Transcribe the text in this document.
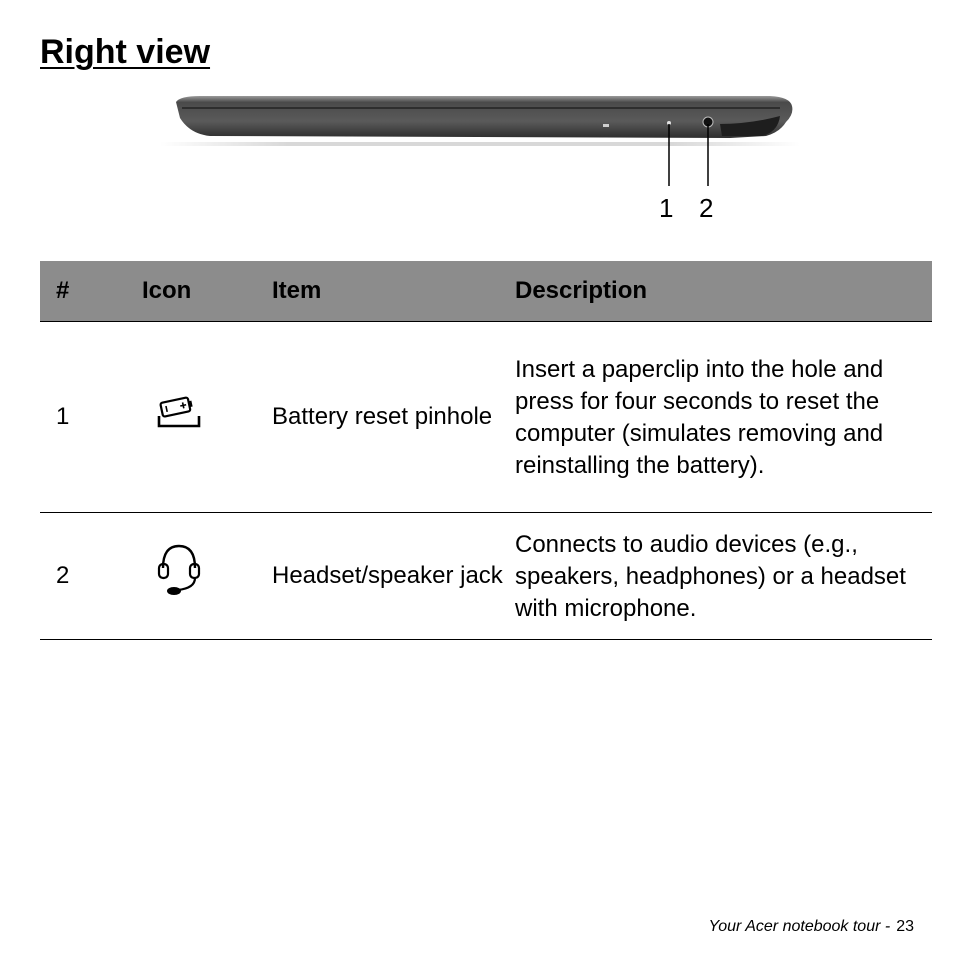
Right view
1 2
#	Icon	Item	Description
1		Battery reset pinhole	Insert a paperclip into the hole and press for four seconds to reset the computer (simulates removing and reinstalling the battery).
2		Headset/speaker jack	Connects to audio devices (e.g., speakers, headphones) or a headset with microphone.
Your Acer notebook tour - 23
